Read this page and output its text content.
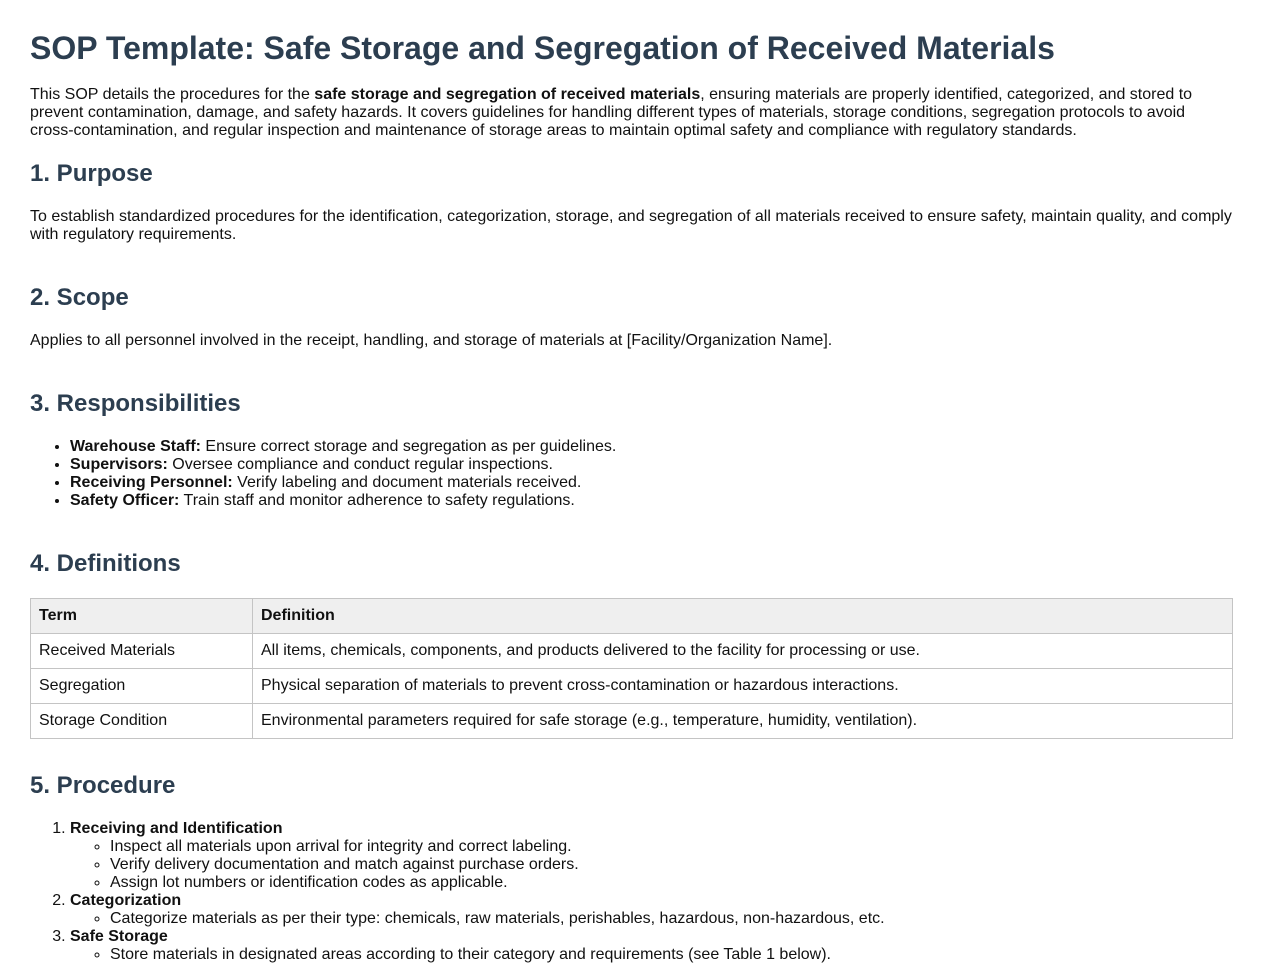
SOP Template: Safe Storage and Segregation of Received Materials

This SOP details the procedures for the safe storage and segregation of received materials, ensuring materials are properly identified, categorized, and stored to prevent contamination, damage, and safety hazards. It covers guidelines for handling different types of materials, storage conditions, segregation protocols to avoid cross-contamination, and regular inspection and maintenance of storage areas to maintain optimal safety and compliance with regulatory standards.

1. Purpose

To establish standardized procedures for the identification, categorization, storage, and segregation of all materials received to ensure safety, maintain quality, and comply with regulatory requirements.

2. Scope

Applies to all personnel involved in the receipt, handling, and storage of materials at [Facility/Organization Name].

3. Responsibilities
• Warehouse Staff: Ensure correct storage and segregation as per guidelines.
• Supervisors: Oversee compliance and conduct regular inspections.
• Receiving Personnel: Verify labeling and document materials received.
• Safety Officer: Train staff and monitor adherence to safety regulations.
4. Definitions
Term	Definition
Received Materials	All items, chemicals, components, and products delivered to the facility for processing or use.
Segregation	Physical separation of materials to prevent cross-contamination or hazardous interactions.
Storage Condition	Environmental parameters required for safe storage (e.g., temperature, humidity, ventilation).
5. Procedure
1. Receiving and Identification
◦ Inspect all materials upon arrival for integrity and correct labeling.
◦ Verify delivery documentation and match against purchase orders.
◦ Assign lot numbers or identification codes as applicable.
2. Categorization
◦ Categorize materials as per their type: chemicals, raw materials, perishables, hazardous, non-hazardous, etc.
3. Safe Storage
◦ Store materials in designated areas according to their category and requirements (see Table 1 below).
